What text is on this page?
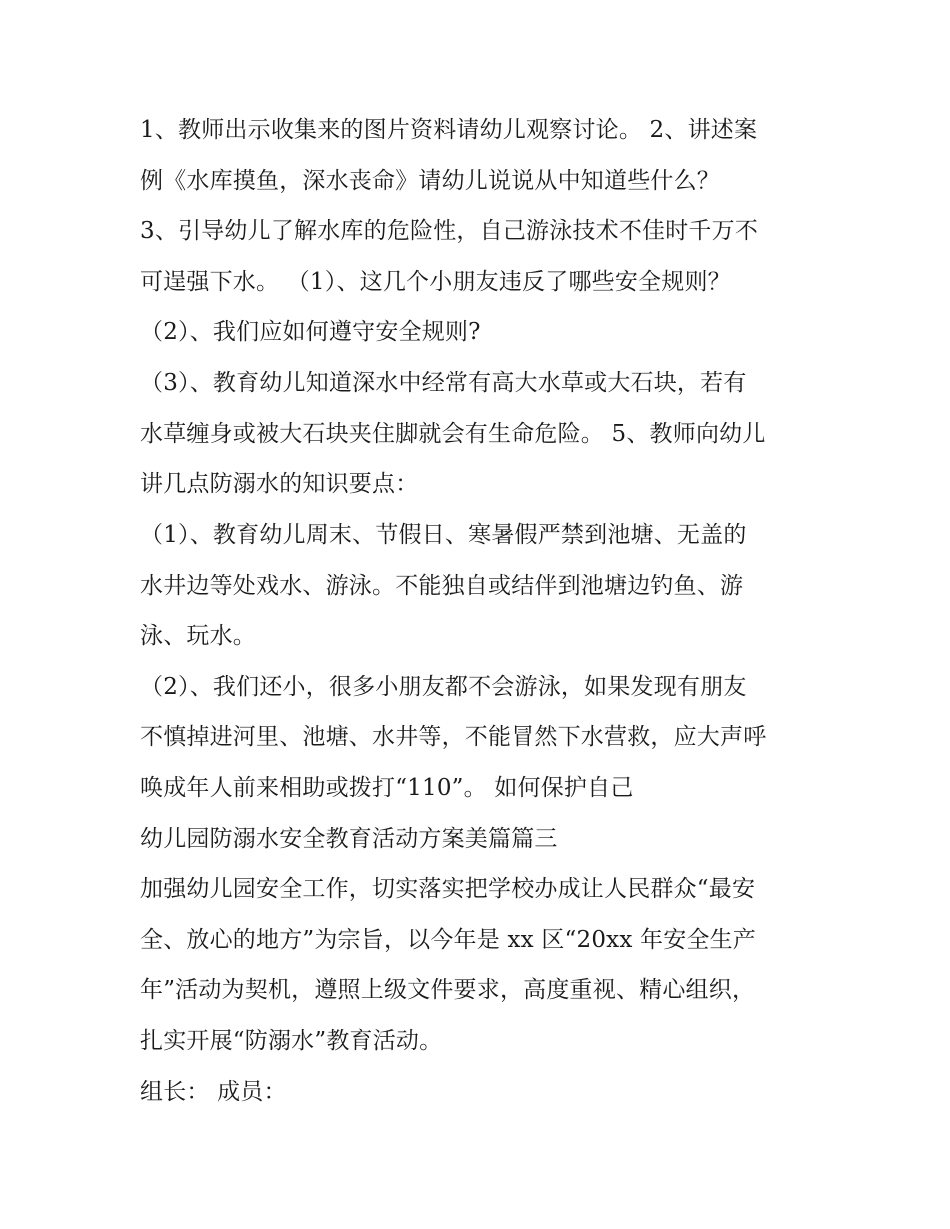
1、教师出示收集来的图片资料请幼儿观察讨论。 2、讲述案
例《水库摸鱼，深水丧命》请幼儿说说从中知道些什么？
3、引导幼儿了解水库的危险性，自己游泳技术不佳时千万不
可逞强下水。 （1）、这几个小朋友违反了哪些安全规则？
（2）、我们应如何遵守安全规则?
（3）、教育幼儿知道深水中经常有高大水草或大石块，若有
水草缠身或被大石块夹住脚就会有生命危险。 5、教师向幼儿
讲几点防溺水的知识要点：
（1）、教育幼儿周末、节假日、寒暑假严禁到池塘、无盖的
水井边等处戏水、游泳。不能独自或结伴到池塘边钓鱼、游
泳、玩水。
（2）、我们还小，很多小朋友都不会游泳，如果发现有朋友
不慎掉进河里、池塘、水井等，不能冒然下水营救，应大声呼
唤成年人前来相助或拨打“110”。 如何保护自己
幼儿园防溺水安全教育活动方案美篇篇三
加强幼儿园安全工作，切实落实把学校办成让人民群众“最安
全、放心的地方”为宗旨，以今年是 xx 区“20xx 年安全生产
年”活动为契机，遵照上级文件要求，高度重视、精心组织，
扎实开展“防溺水”教育活动。
组长： 成员：
